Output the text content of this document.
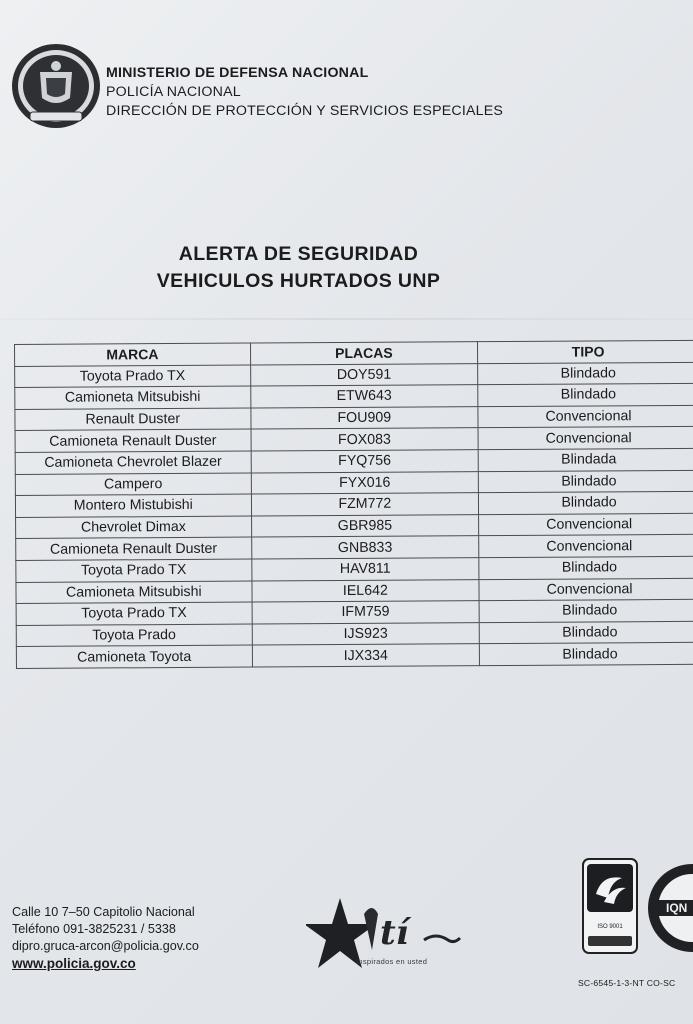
MINISTERIO DE DEFENSA NACIONAL
POLICÍA NACIONAL
DIRECCIÓN DE PROTECCIÓN Y SERVICIOS ESPECIALES
ALERTA DE SEGURIDAD
VEHICULOS HURTADOS UNP
MARCA	PLACAS	TIPO
Toyota Prado TX	DOY591	Blindado
Camioneta Mitsubishi	ETW643	Blindado
Renault Duster	FOU909	Convencional
Camioneta Renault Duster	FOX083	Convencional
Camioneta Chevrolet Blazer	FYQ756	Blindada
Campero	FYX016	Blindado
Montero Mistubishi	FZM772	Blindado
Chevrolet Dimax	GBR985	Convencional
Camioneta Renault Duster	GNB833	Convencional
Toyota Prado TX	HAV811	Blindado
Camioneta Mitsubishi	IEL642	Convencional
Toyota Prado TX	IFM759	Blindado
Toyota Prado	IJS923	Blindado
Camioneta Toyota	IJX334	Blindado
Calle 10 7–50 Capitolio Nacional
Teléfono 091-3825231 / 5338
dipro.gruca-arcon@policia.gov.co
www.policia.gov.co
tí
Inspirados en usted
ISO 9001
IQN
SC-6545-1-3-NT CO-SC
